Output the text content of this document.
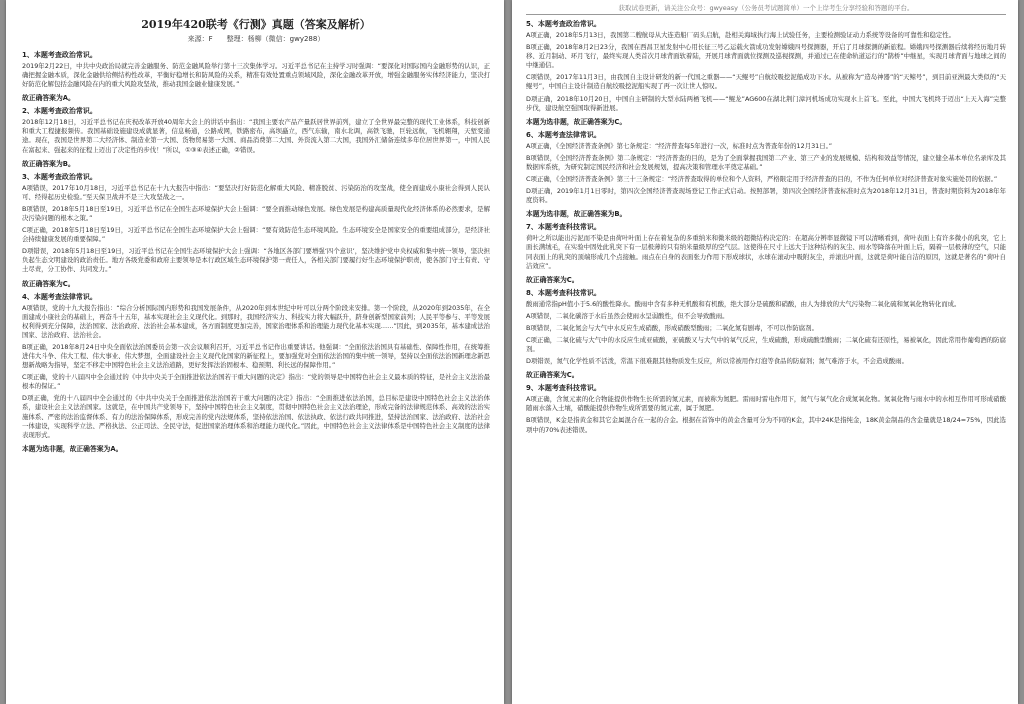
2019年420联考《行测》真题（答案及解析）
来源：F　　整理：杨柳（微信：gwy288）
1、本题考查政治常识。
2019年2月22日，中共中央政治局就完善金融服务、防范金融风险举行第十三次集体学习。习近平总书记在主持学习时强调：“要深化对国际国内金融形势的认识，正确把握金融本质，深化金融供给侧结构性改革，平衡好稳增长和防风险的关系，精准有效处置重点领域风险，深化金融改革开放，增强金融服务实体经济能力，坚决打好防范化解包括金融风险在内的重大风险攻坚战，推动我国金融业健康发展。”
故正确答案为A。
2、本题考查政治常识。
2018年12月18日，习近平总书记在庆祝改革开放40周年大会上的讲话中指出：“我国主要农产品产量跃居世界前列，建立了全世界最完整的现代工业体系，科技创新和重大工程捷报频传。我国基础设施建设成就显著，信息畅通，公路成网，铁路密布，高坝矗立，西气东输，南水北调，高铁飞驰，巨轮远航，飞机翱翔，天堑变通途。现在，我国是世界第二大经济体、制造业第一大国、货物贸易第一大国、商品消费第二大国、外资流入第二大国，我国外汇储备连续多年位居世界第一，中国人民在富起来、强起来的征程上迈出了决定性的步伐！”所以，①③④表述正确，②错误。
故正确答案为B。
3、本题考查政治常识。
A项错误，2017年10月18日，习近平总书记在十九大报告中指出：“要坚决打好防范化解重大风险、精准脱贫、污染防治的攻坚战，使全面建成小康社会得到人民认可、经得起历史检验。”至天保卫战并不是三大攻坚战之一。
B项错误，2018年5月18日至19日，习近平总书记在全国生态环境保护大会上强调：“要全面推动绿色发展。绿色发展是构建高质量现代化经济体系的必然要求，是解决污染问题的根本之策。”
C项正确，2018年5月18日至19日，习近平总书记在全国生态环境保护大会上强调：“要有效防范生态环境风险。生态环境安全是国家安全的重要组成部分，是经济社会持续健康发展的重要保障。”
D项错误，2018年5月18日至19日，习近平总书记在全国生态环境保护大会上强调：“各地区各部门要增强‘四个意识’，坚决维护党中央权威和集中统一领导，坚决担负起生态文明建设的政治责任。地方各级党委和政府主要领导是本行政区域生态环境保护第一责任人，各相关部门要履行好生态环境保护职责，使各部门守土有责、守土尽责，分工协作、共同发力。”
故正确答案为C。
4、本题考查法律常识。
A项错误，党的十九大报告指出：“综合分析国际国内形势和我国发展条件，从2020年到本世纪中叶可以分两个阶段来安排。第一个阶段，从2020年到2035年，在全面建成小康社会的基础上，再奋斗十五年，基本实现社会主义现代化。到那时，我国经济实力、科技实力将大幅跃升，跻身创新型国家前列；人民平等参与、平等发展权利得到充分保障，法治国家、法治政府、法治社会基本建成，各方面制度更加完善，国家治理体系和治理能力现代化基本实现……”因此，到2035年，基本建成法治国家、法治政府、法治社会。
B项正确，2018年8月24日中央全面依法治国委员会第一次会议顺利召开，习近平总书记作出重要讲话。他强调：“全面依法治国具有基础性、保障性作用，在统筹推进伟大斗争、伟大工程、伟大事业、伟大梦想，全面建设社会主义现代化国家的新征程上，要加强党对全面依法治国的集中统一领导，坚持以全面依法治国新理念新思想新战略为指导，坚定不移走中国特色社会主义法治道路，更好发挥法治固根本、稳预期、利长远的保障作用。”
C项正确，党的十八届四中全会通过的《中共中央关于全面推进依法治国若干重大问题的决定》指出：“党的领导是中国特色社会主义最本质的特征，是社会主义法治最根本的保证。”
D项正确，党的十八届四中全会通过的《中共中央关于全面推进依法治国若干重大问题的决定》指出：“全面推进依法治国，总目标是建设中国特色社会主义法治体系，建设社会主义法治国家。这就是，在中国共产党领导下，坚持中国特色社会主义制度，贯彻中国特色社会主义法治理论，形成完备的法律规范体系、高效的法治实施体系、严密的法治监督体系、有力的法治保障体系，形成完善的党内法规体系，坚持依法治国、依法执政、依法行政共同推进，坚持法治国家、法治政府、法治社会一体建设，实现科学立法、严格执法、公正司法、全民守法，促进国家治理体系和治理能力现代化。”因此，中国特色社会主义法律体系是中国特色社会主义制度的法律表现形式。
本题为选非题，故正确答案为A。
获取试卷更新，请关注公众号：gwyeasy（公务员考试题简单）一个上岸考生分享经验和答题的平台。
5、本题考查政治常识。
A项正确，2018年5月13日，我国第二艘航母从大连造船厂码头启航，赴相关海域执行海上试验任务，主要检测验证动力系统等设备的可靠性和稳定性。
B项正确，2018年8月2日23分，我国在西昌卫星发射中心用长征三号乙运载火箭成功发射嫦娥四号探测器，开启了月球探测的新旅程。嫦娥四号探测器后续将经历地月转移、近月制动、环月飞行，最终实现人类首次月球背面软着陆，开展月球背面就位探测及巡视探测，并通过已在使命轨道运行的“鹊桥”中继星，实现月球背面与地球之间的中继通信。
C项错误，2017年11月3日，由我国自主设计研发的新一代国之重器——“天鲲号”自航绞吸挖泥船成功下水。从被称为“造岛神器”的“天鲸号”，到目前亚洲最大类似的“天鲲号”，中国自主设计制造自航绞吸挖泥船实现了再一次让世人惊叹。
D项正确，2018年10月20日，中国自主研制的大型水陆两栖飞机——“鲲龙”AG600在湖北荆门漳河机场成功实现水上首飞。至此，中国大飞机终于迈出“上天入海”完整步伐，建设航空强国取得新进展。
本题为选非题，故正确答案为C。
6、本题考查法律常识。
A项正确，《全国经济普查条例》第七条规定：“经济普查每5年进行一次，标准时点为普查年份的12月31日。”
B项错误，《全国经济普查条例》第二条规定：“经济普查的目的，是为了全面掌握我国第二产业、第三产业的发展规模、结构和效益等情况，建立健全基本单位名录库及其数据库系统，为研究制定国民经济和社会发展规划，提高决策和管理水平奠定基础。”
C项正确，《全国经济普查条例》第三十三条规定：“经济普查取得的单位和个人资料，严格限定用于经济普查的目的，不作为任何单位对经济普查对象实施处罚的依据。”
D项正确，2019年1月1日零时，第四次全国经济普查现场登记工作正式启动。按照部署，第四次全国经济普查标准时点为2018年12月31日，普查时期资料为2018年年度资料。
本题为选非题，故正确答案为B。
7、本题考查科技常识。
荷叶之所以能出污泥而不染是由荷叶叶面上存在着复杂的多重纳米和微米级的超微结构决定的：在超高分辨率显微镜下可以清晰看到，荷叶表面上有许多微小的乳突，它上面长满绒毛，在实验中固处此乳突下有一层极薄的只有纳米量级厚的空气层。这使得在尺寸上远大于这种结构的灰尘、雨水等降落在叶面上后，隔着一层极薄的空气，只能同表面上的乳突的顶端形成几个点接触。雨点在自身的表面张力作用下形成球状，水球在滚动中吸附灰尘，并滚出叶面，这就是荷叶能自洁的原因，这就是著名的“荷叶自洁效应”。
故正确答案为C。
8、本题考查科技常识。
酸雨通常指pH值小于5.6的酸性降水。酸雨中含有多种无机酸和有机酸，绝大部分是硫酸和硝酸，由人为排放的大气污染物二氧化硫和氮氧化物转化而成。
A项错误，二氧化碳溶于水后虽然会使雨水呈弱酸性，但不会导致酸雨。
B项错误，二氧化氮会与大气中水反应生成硝酸，形成硝酸型酸雨；二氧化氮有剧毒，不可以作防腐剂。
C项正确，二氧化硫与大气中的水反应生成亚硫酸，亚硫酸又与大气中的氧气反应，生成硫酸，形成硫酸型酸雨；二氧化硫有还原性，易被氧化，因此常用作葡萄酒的防腐剂。
D项错误，氮气化学性质不活泼，常温下很难跟其他物质发生反应，所以常被用作灯泡等食品的防腐剂；氮气难溶于水，不会造成酸雨。
故正确答案为C。
9、本题考查科技常识。
A项正确，含氮元素的化合物能提供作物生长所需的氮元素，而被称为氮肥。雷雨时雷电作用下，氮气与氧气化合成氮氧化物。氮氧化物与雨水中的水相互作用可形成硝酸随雨水落入土壤，硝酸能提供作物生成所需要的氮元素，属于氮肥。
B项错误，K金是指黄金和其它金属混合在一起的合金。根据在首饰中的黄金含量可分为不同的K金，其中24K是指纯金，18K黄金制品的含金量就是18/24=75%，因此选项中的70%表述错误。
